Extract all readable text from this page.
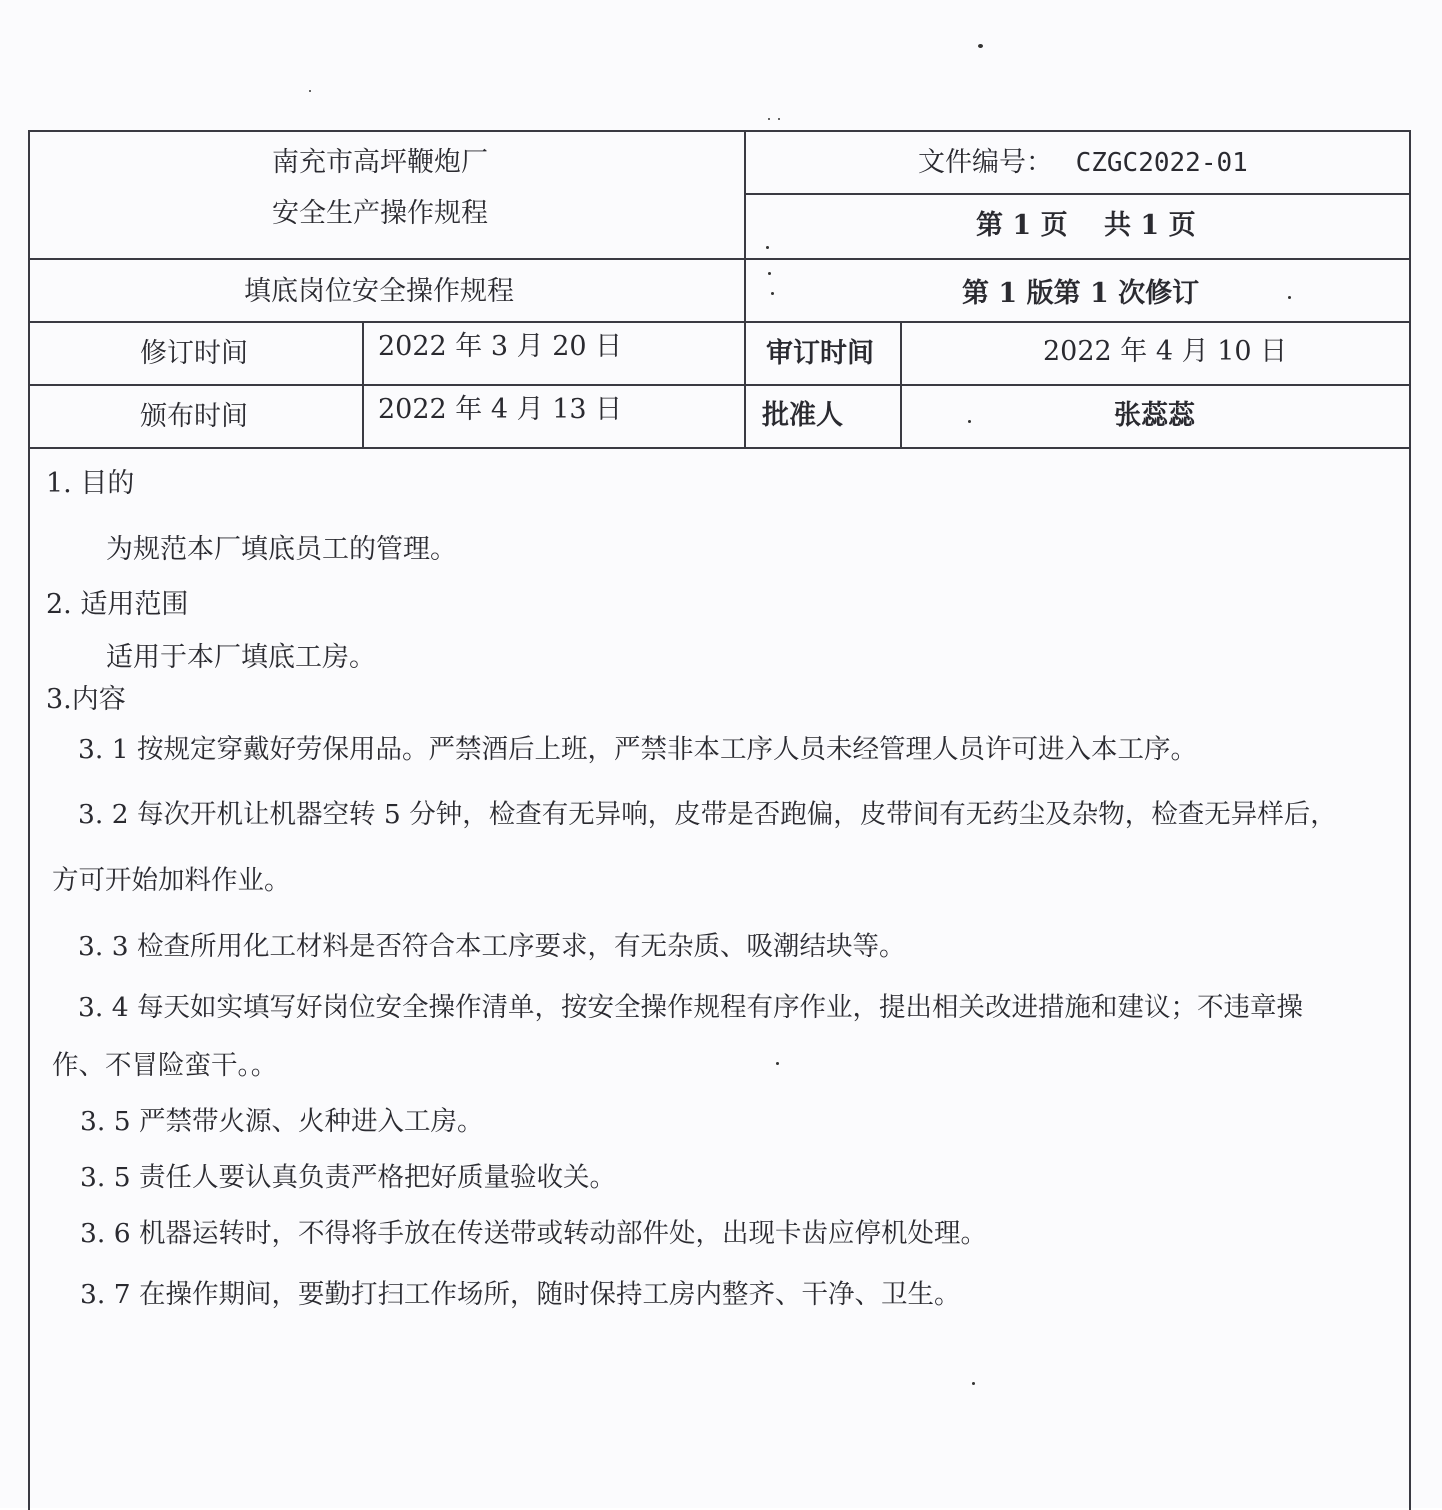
南充市高坪鞭炮厂
安全生产操作规程
文件编号： CZGC2022-01
第 1 页　 共 1 页
填底岗位安全操作规程	第 1 版第 1 次修订
修订时间	2022 年 3 月 20 日	审订时间	2022 年 4 月 10 日
颁布时间	2022 年 4 月 13 日	批准人	张蕊蕊
1. 目的
为规范本厂填底员工的管理。
2. 适用范围
适用于本厂填底工房。
3.内容
3. 1 按规定穿戴好劳保用品。严禁酒后上班，严禁非本工序人员未经管理人员许可进入本工序。
3. 2 每次开机让机器空转 5 分钟，检查有无异响，皮带是否跑偏，皮带间有无药尘及杂物，检查无异样后，
方可开始加料作业。
3. 3 检查所用化工材料是否符合本工序要求，有无杂质、吸潮结块等。
3. 4 每天如实填写好岗位安全操作清单，按安全操作规程有序作业，提出相关改进措施和建议；不违章操
作、不冒险蛮干。。
3. 5 严禁带火源、火种进入工房。
3. 5 责任人要认真负责严格把好质量验收关。
3. 6 机器运转时，不得将手放在传送带或转动部件处，出现卡齿应停机处理。
3. 7 在操作期间，要勤打扫工作场所，随时保持工房内整齐、干净、卫生。
